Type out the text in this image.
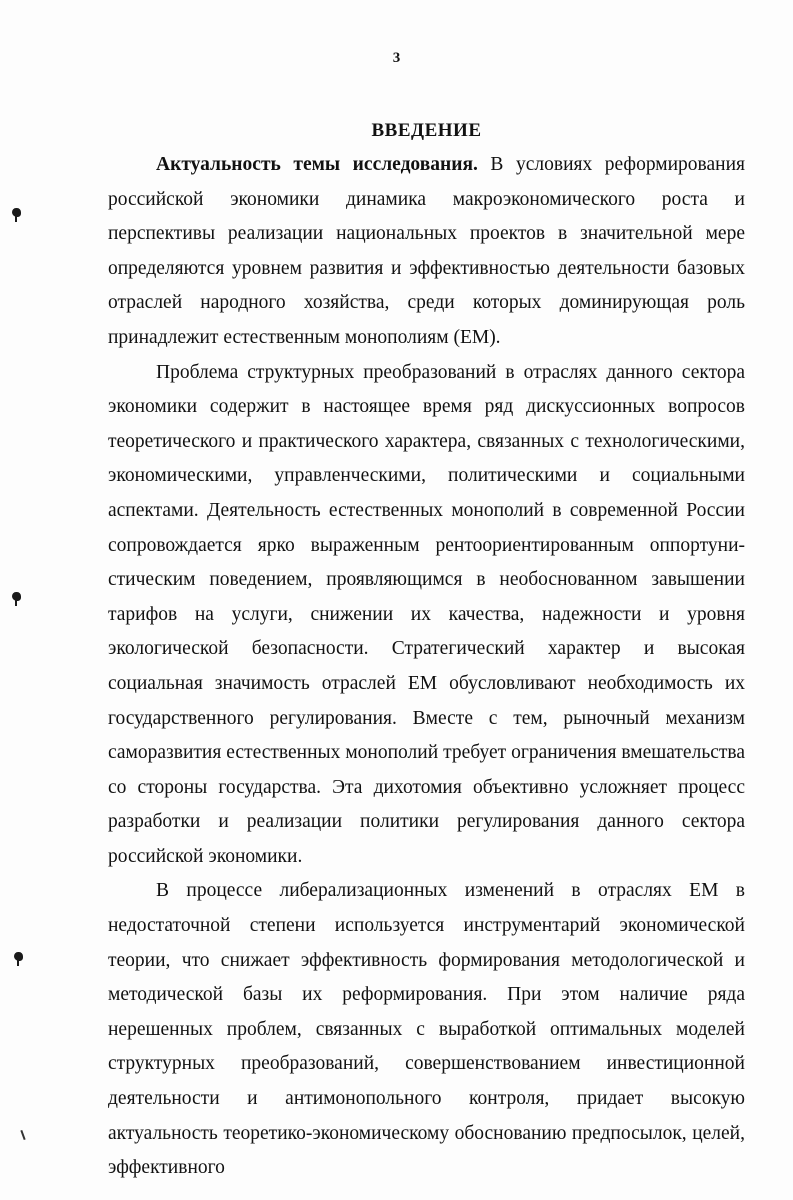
3
ВВЕДЕНИЕ

Актуальность темы исследования. В условиях реформирования российской экономики динамика макроэкономического роста и перспективы реализации национальных проектов в значительной мере определяются уровнем развития и эффективностью деятельности базовых отраслей народного хозяйства, среди которых доминирующая роль принадлежит естественным монополиям (ЕМ).

Проблема структурных преобразований в отраслях данного сектора экономики содержит в настоящее время ряд дискуссионных вопросов теоретического и практического характера, связанных с технологическими, экономическими, управленческими, политическими и социальными аспектами. Деятельность естественных монополий в современной России сопровождается ярко выраженным рентоориентированным оппортуни-стическим поведением, проявляющимся в необоснованном завышении тарифов на услуги, снижении их качества, надежности и уровня экологической безопасности. Стратегический характер и высокая социальная значимость отраслей ЕМ обусловливают необходимость их государственного регулирования. Вместе с тем, рыночный механизм саморазвития естественных монополий требует ограничения вмешательства со стороны государства. Эта дихотомия объективно усложняет процесс разработки и реализации политики регулирования данного сектора российской экономики.

В процессе либерализационных изменений в отраслях ЕМ в недостаточной степени используется инструментарий экономической теории, что снижает эффективность формирования методологической и методической базы их реформирования. При этом наличие ряда нерешенных проблем, связанных с выработкой оптимальных моделей структурных преобразований, совершенствованием инвестиционной деятельности и антимонопольного контроля, придает высокую актуальность теоретико-экономическому обоснованию предпосылок, целей, эффективного
